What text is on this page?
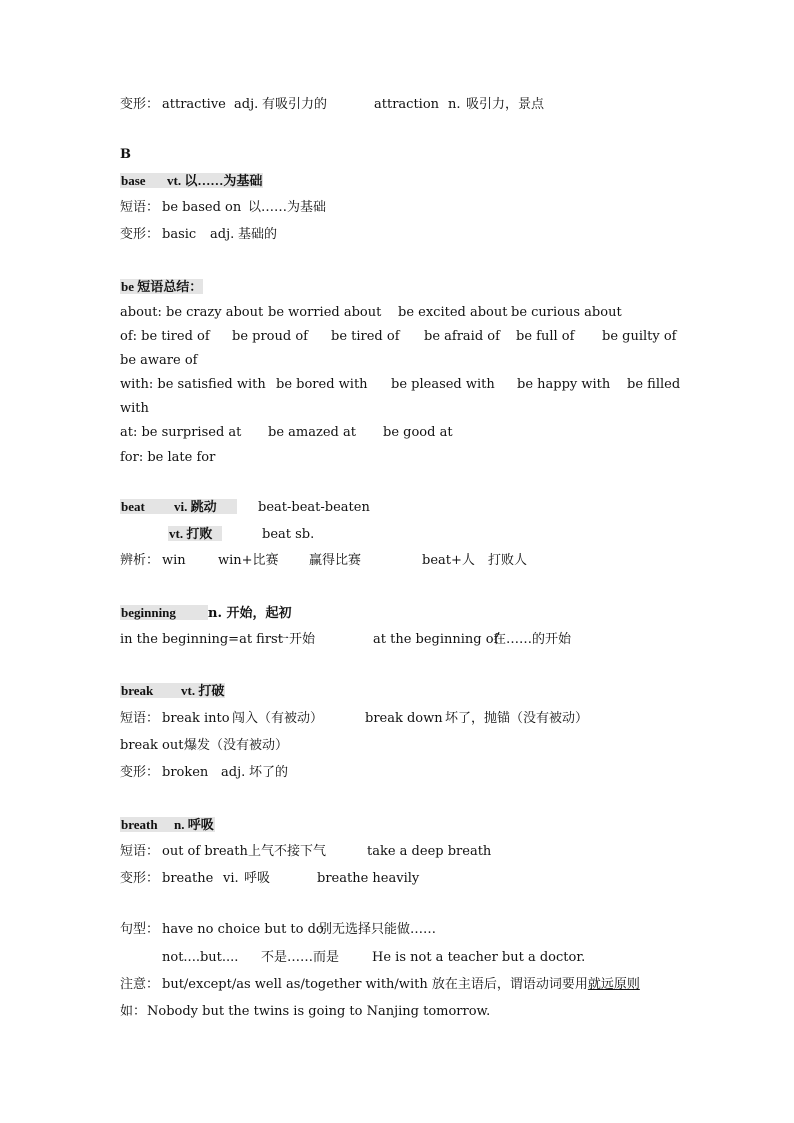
变形： attractive adj. 有吸引力的	attraction n. 吸引力，景点
B
base vt. 以……为基础
短语： be based on 以……为基础
变形： basic adj. 基础的
be 短语总结：
about: be crazy about be worried about be excited about be curious about
of: be tired of be proud of be tired of be afraid of be full of be guilty of
be aware of
with: be satisfied with be bored with be pleased with be happy with be filled
with
at: be surprised at be amazed at be good at
for: be late for
beat vi. 跳动	beat-beat-beaten
vt. 打败	beat sb.
辨析： win win+比赛 赢得比赛	beat+人 打败人
beginning n. 开始，起初
in the beginning=at first一开始	at the beginning of在……的开始
break vt. 打破
短语： break into 闯入（有被动）	break down 坏了，抛锚（没有被动）
break out爆发（没有被动）
变形： broken adj. 坏了的
breath n. 呼吸
短语： out of breath上气不接下气	take a deep breath
变形： breathe vi. 呼吸	breathe heavily
句型： have no choice but to do别无选择只能做……
not....but.... 不是……而是	He is not a teacher but a doctor.
注意： but/except/as well as/together with/with 放在主语后，谓语动词要用就远原则
如：Nobody but the twins is going to Nanjing tomorrow.
